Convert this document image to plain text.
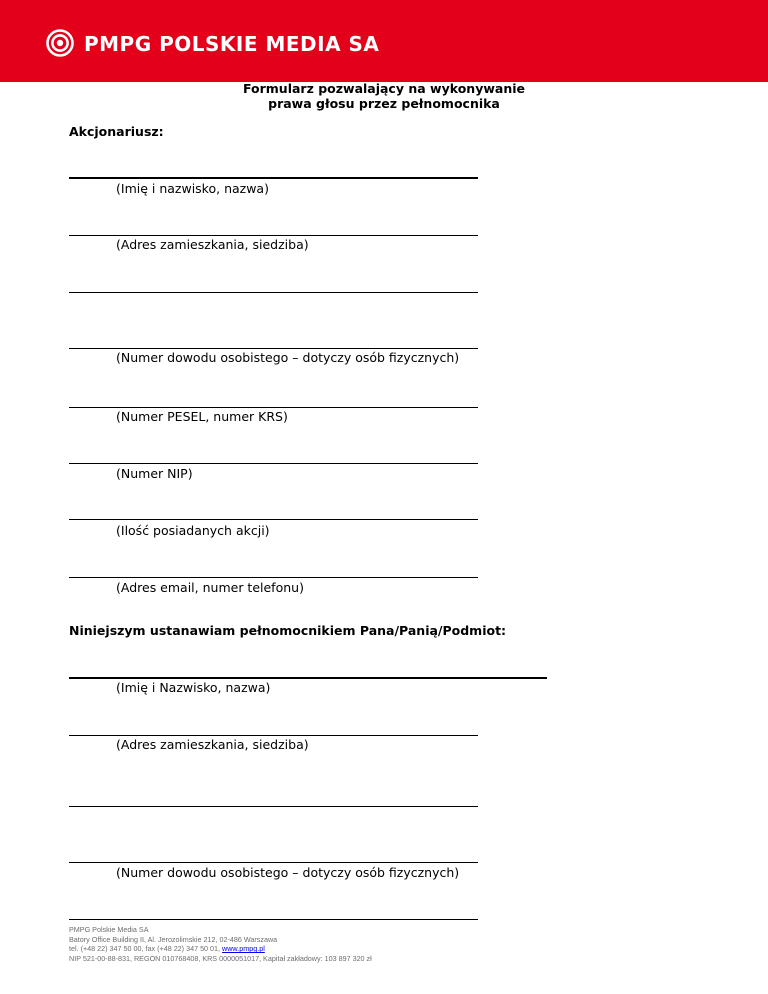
PMPG POLSKIE MEDIA SA
Formularz pozwalający na wykonywanie
prawa głosu przez pełnomocnika
Akcjonariusz:
(Imię i nazwisko, nazwa)
(Adres zamieszkania, siedziba)
(Numer dowodu osobistego – dotyczy osób fizycznych)
(Numer PESEL, numer KRS)
(Numer NIP)
(Ilość posiadanych akcji)
(Adres email, numer telefonu)
Niniejszym ustanawiam pełnomocnikiem Pana/Panią/Podmiot:
(Imię i Nazwisko, nazwa)
(Adres zamieszkania, siedziba)
(Numer dowodu osobistego – dotyczy osób fizycznych)
PMPG Polskie Media SA
Batory Office Building II, Al. Jerozolimskie 212, 02-486 Warszawa
tel. (+48 22) 347 50 00, fax (+48 22) 347 50 01, www.pmpg.pl
NIP 521-00-88-831, REGON 010768408, KRS 0000051017, Kapitał zakładowy: 103 897 320 zł
